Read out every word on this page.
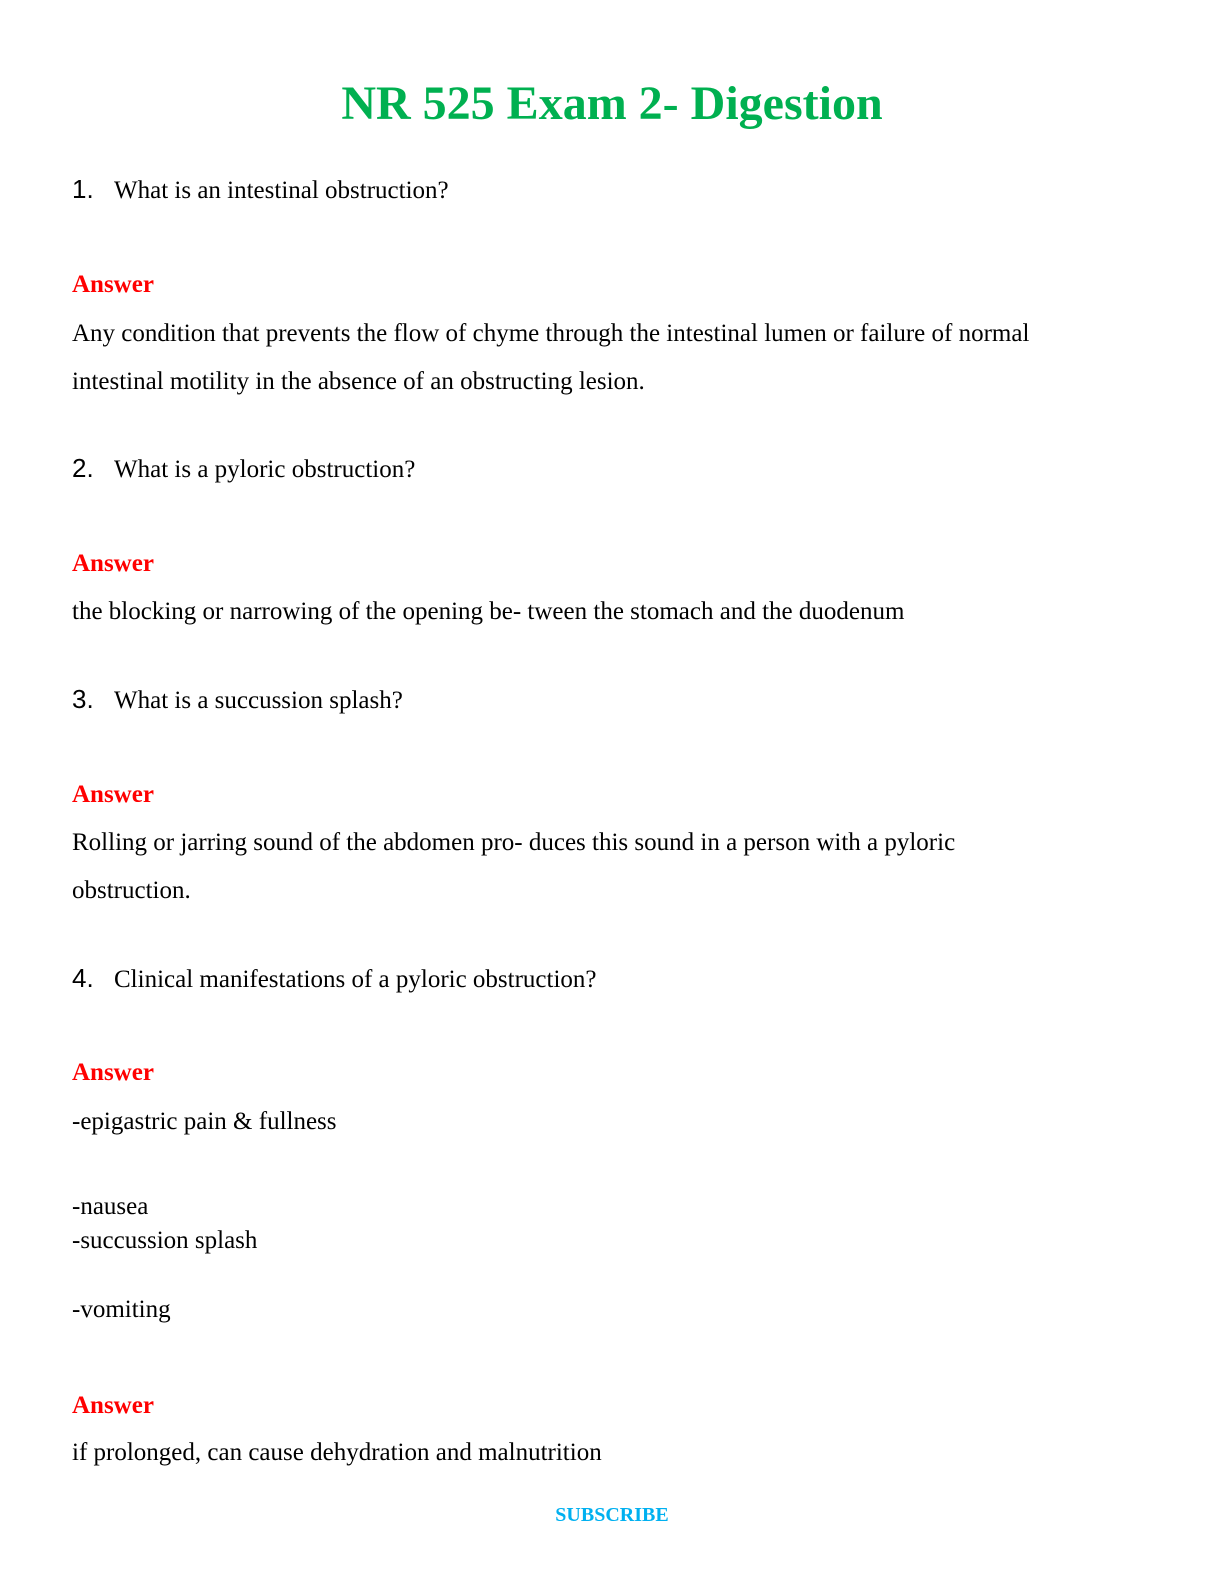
NR 525 Exam 2- Digestion

1. What is an intestinal obstruction?

Answer

Any condition that prevents the flow of chyme through the intestinal lumen or failure of normal intestinal motility in the absence of an obstructing lesion.

2. What is a pyloric obstruction?

Answer

the blocking or narrowing of the opening be- tween the stomach and the duodenum

3. What is a succussion splash?

Answer

Rolling or jarring sound of the abdomen pro- duces this sound in a person with a pyloric obstruction.

4. Clinical manifestations of a pyloric obstruction?

Answer

-epigastric pain & fullness

-nausea

-succussion splash

-vomiting

Answer

if prolonged, can cause dehydration and malnutrition

SUBSCRIBE
